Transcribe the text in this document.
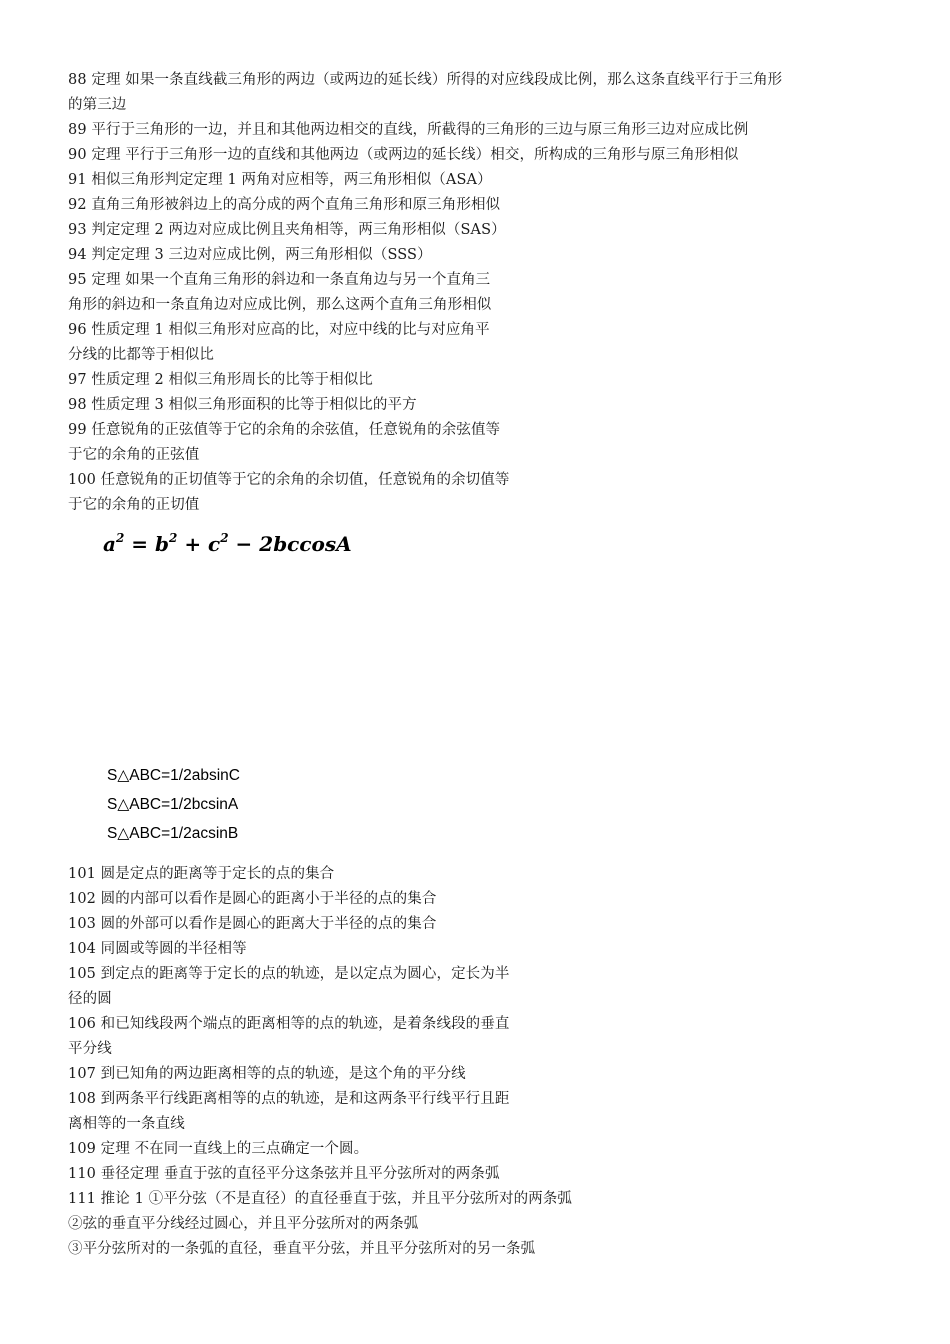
88 定理 如果一条直线截三角形的两边（或两边的延长线）所得的对应线段成比例，那么这条直线平行于三角形
的第三边
89 平行于三角形的一边，并且和其他两边相交的直线，所截得的三角形的三边与原三角形三边对应成比例
90 定理 平行于三角形一边的直线和其他两边（或两边的延长线）相交，所构成的三角形与原三角形相似
91 相似三角形判定定理 1 两角对应相等，两三角形相似（ASA）
92 直角三角形被斜边上的高分成的两个直角三角形和原三角形相似
93 判定定理 2 两边对应成比例且夹角相等，两三角形相似（SAS）
94 判定定理 3 三边对应成比例，两三角形相似（SSS）
95 定理 如果一个直角三角形的斜边和一条直角边与另一个直角三
角形的斜边和一条直角边对应成比例，那么这两个直角三角形相似
96 性质定理 1 相似三角形对应高的比，对应中线的比与对应角平
分线的比都等于相似比
97 性质定理 2 相似三角形周长的比等于相似比
98 性质定理 3 相似三角形面积的比等于相似比的平方
99 任意锐角的正弦值等于它的余角的余弦值，任意锐角的余弦值等
于它的余角的正弦值
100 任意锐角的正切值等于它的余角的余切值，任意锐角的余切值等
于它的余角的正切值
$a^2 = b^2 + c^2 - 2bccosA$
S△ABC=1/2absinC
S△ABC=1/2bcsinA
S△ABC=1/2acsinB
101 圆是定点的距离等于定长的点的集合
102 圆的内部可以看作是圆心的距离小于半径的点的集合
103 圆的外部可以看作是圆心的距离大于半径的点的集合
104 同圆或等圆的半径相等
105 到定点的距离等于定长的点的轨迹，是以定点为圆心，定长为半
径的圆
106 和已知线段两个端点的距离相等的点的轨迹，是着条线段的垂直
平分线
107 到已知角的两边距离相等的点的轨迹，是这个角的平分线
108 到两条平行线距离相等的点的轨迹，是和这两条平行线平行且距
离相等的一条直线
109 定理 不在同一直线上的三点确定一个圆。
110 垂径定理 垂直于弦的直径平分这条弦并且平分弦所对的两条弧
111 推论 1 ①平分弦（不是直径）的直径垂直于弦，并且平分弦所对的两条弧
②弦的垂直平分线经过圆心，并且平分弦所对的两条弧
③平分弦所对的一条弧的直径，垂直平分弦，并且平分弦所对的另一条弧
